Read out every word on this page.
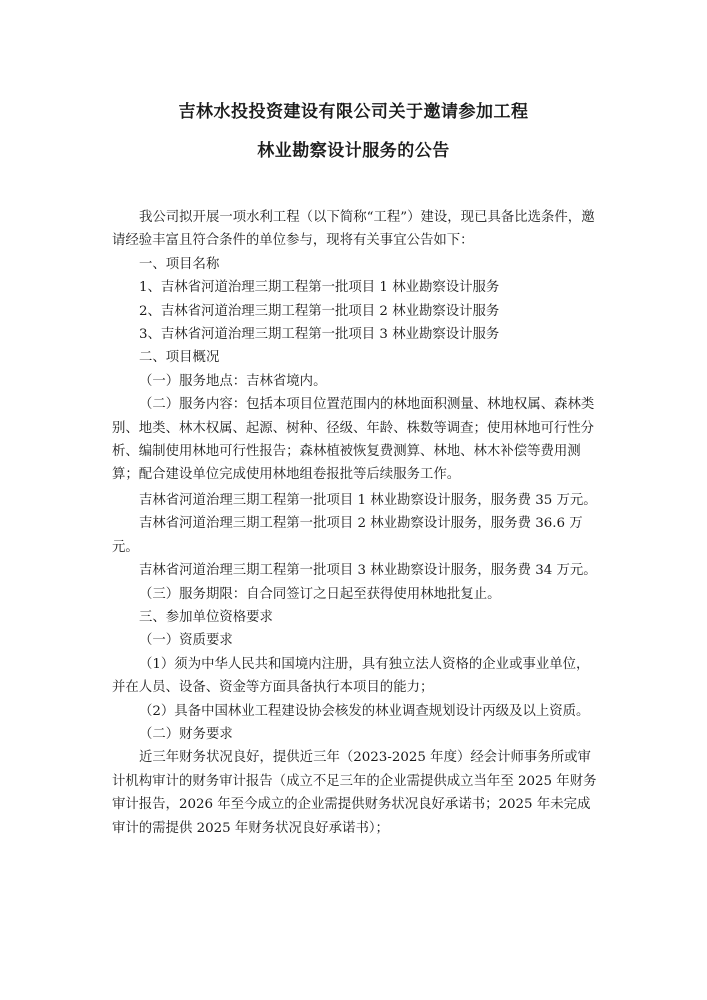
吉林水投投资建设有限公司关于邀请参加工程
林业勘察设计服务的公告

我公司拟开展一项水利工程（以下简称“工程”）建设，现已具备比选条件，邀请经验丰富且符合条件的单位参与，现将有关事宜公告如下：

一、项目名称

1、吉林省河道治理三期工程第一批项目 1 林业勘察设计服务

2、吉林省河道治理三期工程第一批项目 2 林业勘察设计服务

3、吉林省河道治理三期工程第一批项目 3 林业勘察设计服务

二、项目概况

（一）服务地点：吉林省境内。

（二）服务内容：包括本项目位置范围内的林地面积测量、林地权属、森林类别、地类、林木权属、起源、树种、径级、年龄、株数等调查；使用林地可行性分析、编制使用林地可行性报告；森林植被恢复费测算、林地、林木补偿等费用测算；配合建设单位完成使用林地组卷报批等后续服务工作。

吉林省河道治理三期工程第一批项目 1 林业勘察设计服务，服务费 35 万元。

吉林省河道治理三期工程第一批项目 2 林业勘察设计服务，服务费 36.6 万元。

吉林省河道治理三期工程第一批项目 3 林业勘察设计服务，服务费 34 万元。

（三）服务期限：自合同签订之日起至获得使用林地批复止。

三、参加单位资格要求

（一）资质要求

（1）须为中华人民共和国境内注册，具有独立法人资格的企业或事业单位，并在人员、设备、资金等方面具备执行本项目的能力；

（2）具备中国林业工程建设协会核发的林业调查规划设计丙级及以上资质。

（二）财务要求

近三年财务状况良好，提供近三年（2023-2025 年度）经会计师事务所或审计机构审计的财务审计报告（成立不足三年的企业需提供成立当年至 2025 年财务审计报告，2026 年至今成立的企业需提供财务状况良好承诺书；2025 年未完成审计的需提供 2025 年财务状况良好承诺书）；
